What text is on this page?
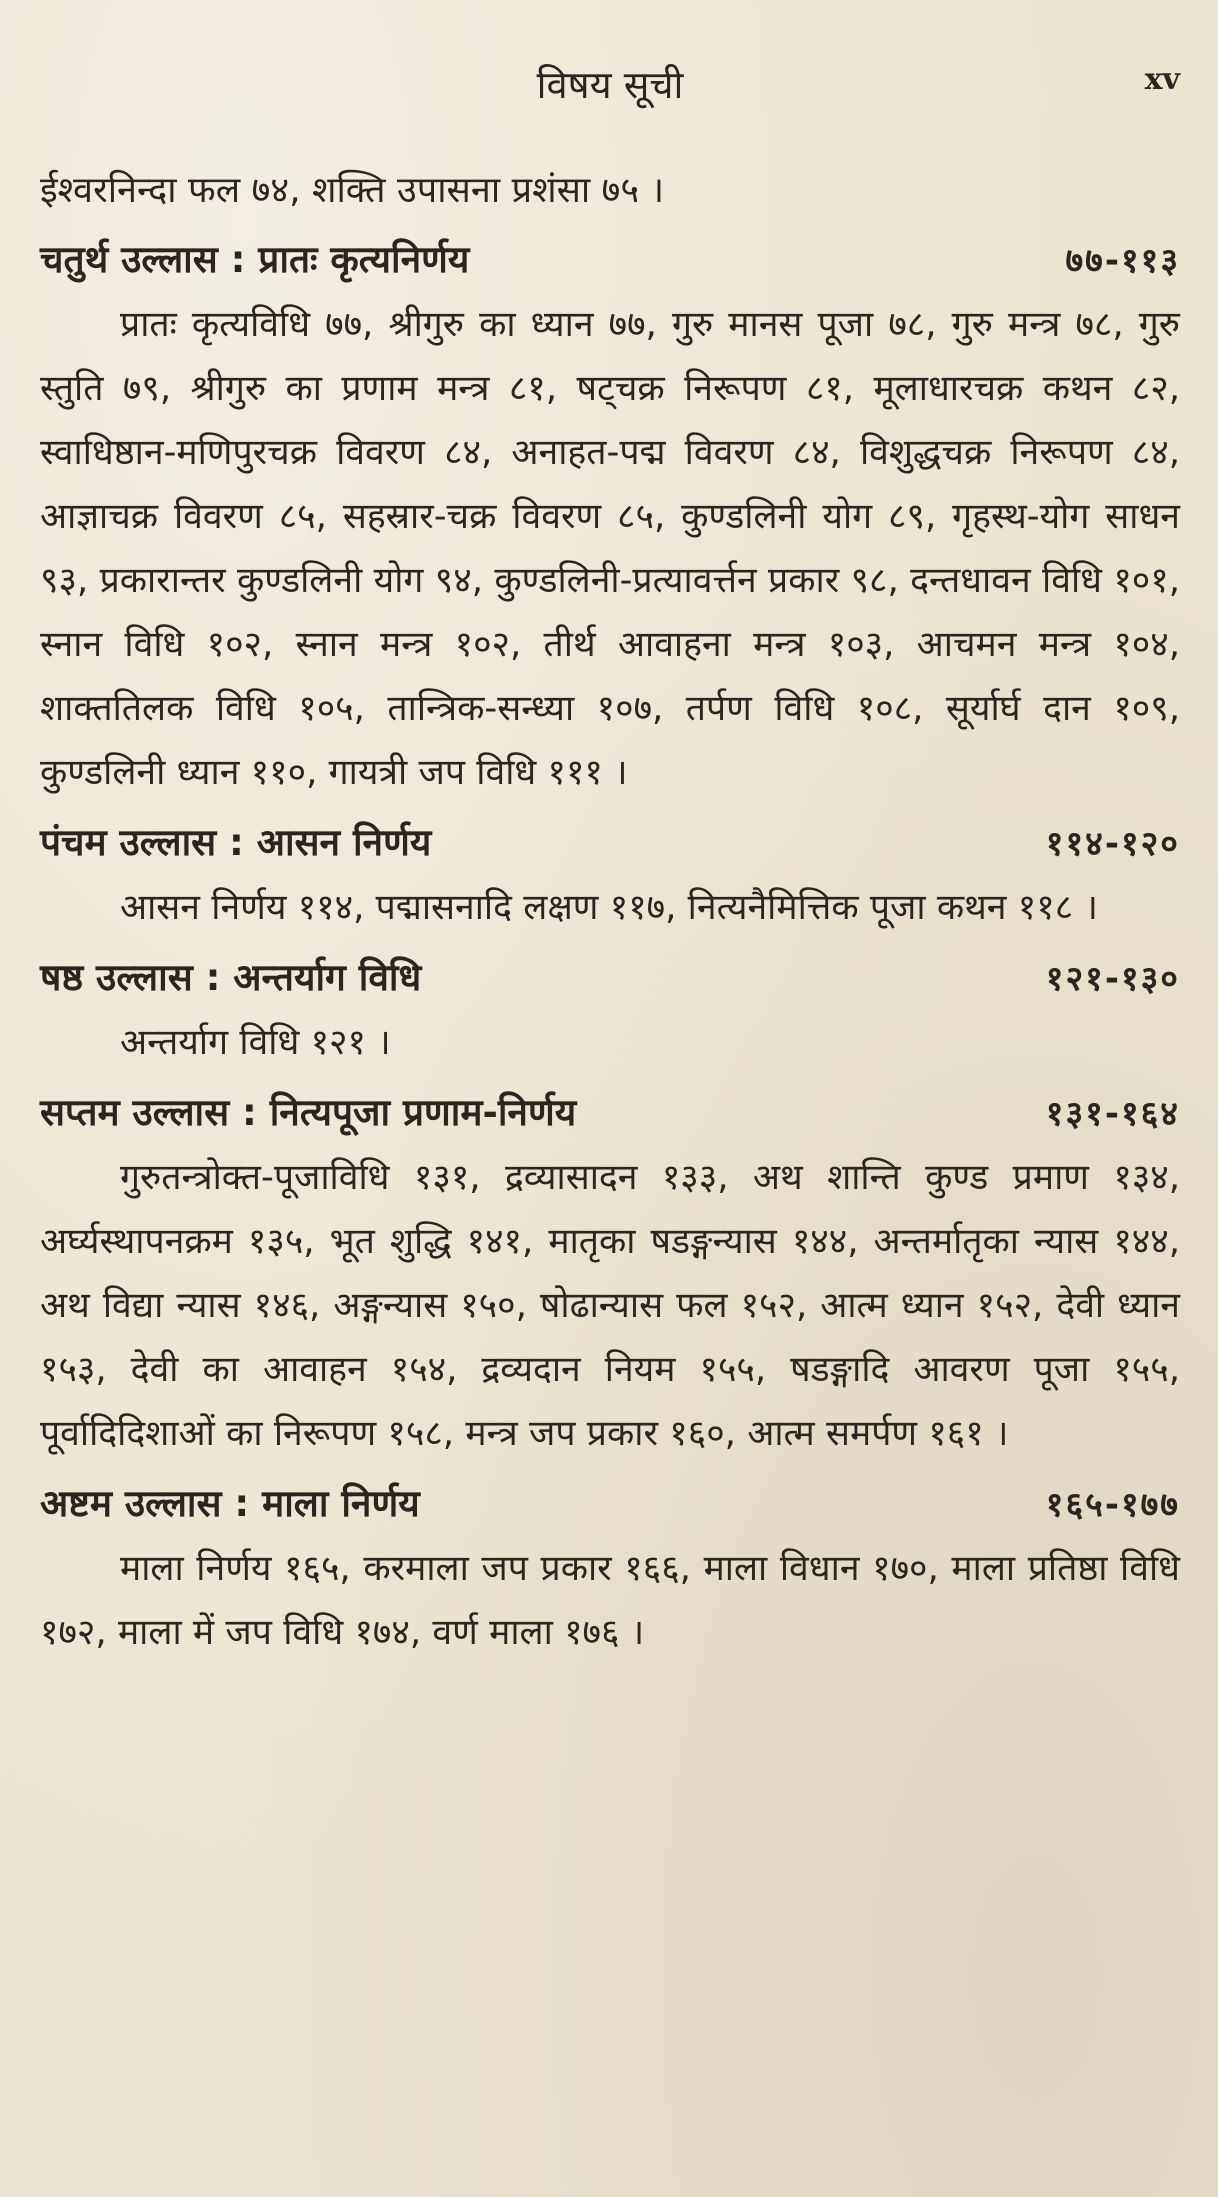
विषय सूची	xv

ईश्वरनिन्दा फल ७४, शक्ति उपासना प्रशंसा ७५ ।

चतुर्थ उल्लास : प्रातः कृत्यनिर्णय	७७-११३

प्रातः कृत्यविधि ७७, श्रीगुरु का ध्यान ७७, गुरु मानस पूजा ७८, गुरु मन्त्र ७८, गुरु स्तुति ७९, श्रीगुरु का प्रणाम मन्त्र ८१, षट्चक्र निरूपण ८१, मूलाधारचक्र कथन ८२, स्वाधिष्ठान-मणिपुरचक्र विवरण ८४, अनाहत-पद्म विवरण ८४, विशुद्धचक्र निरूपण ८४, आज्ञाचक्र विवरण ८५, सहस्रार-चक्र विवरण ८५, कुण्डलिनी योग ८९, गृहस्थ-योग साधन ९३, प्रकारान्तर कुण्डलिनी योग ९४, कुण्डलिनी-प्रत्यावर्त्तन प्रकार ९८, दन्तधावन विधि १०१, स्नान विधि १०२, स्नान मन्त्र १०२, तीर्थ आवाहना मन्त्र १०३, आचमन मन्त्र १०४, शाक्ततिलक विधि १०५, तान्त्रिक-सन्ध्या १०७, तर्पण विधि १०८, सूर्यार्घ दान १०९, कुण्डलिनी ध्यान ११०, गायत्री जप विधि १११ ।

पंचम उल्लास : आसन निर्णय	११४-१२०

आसन निर्णय ११४, पद्मासनादि लक्षण ११७, नित्यनैमित्तिक पूजा कथन ११८ ।

षष्ठ उल्लास : अन्तर्याग विधि	१२१-१३०

अन्तर्याग विधि १२१ ।

सप्तम उल्लास : नित्यपूजा प्रणाम-निर्णय	१३१-१६४

गुरुतन्त्रोक्त-पूजाविधि १३१, द्रव्यासादन १३३, अथ शान्ति कुण्ड प्रमाण १३४, अर्घ्यस्थापनक्रम १३५, भूत शुद्धि १४१, मातृका षडङ्गन्यास १४४, अन्तर्मातृका न्यास १४४, अथ विद्या न्यास १४६, अङ्गन्यास १५०, षोढान्यास फल १५२, आत्म ध्यान १५२, देवी ध्यान १५३, देवी का आवाहन १५४, द्रव्यदान नियम १५५, षडङ्गादि आवरण पूजा १५५, पूर्वादिदिशाओं का निरूपण १५८, मन्त्र जप प्रकार १६०, आत्म समर्पण १६१ ।

अष्टम उल्लास : माला निर्णय	१६५-१७७

माला निर्णय १६५, करमाला जप प्रकार १६६, माला विधान १७०, माला प्रतिष्ठा विधि १७२, माला में जप विधि १७४, वर्ण माला १७६ ।
